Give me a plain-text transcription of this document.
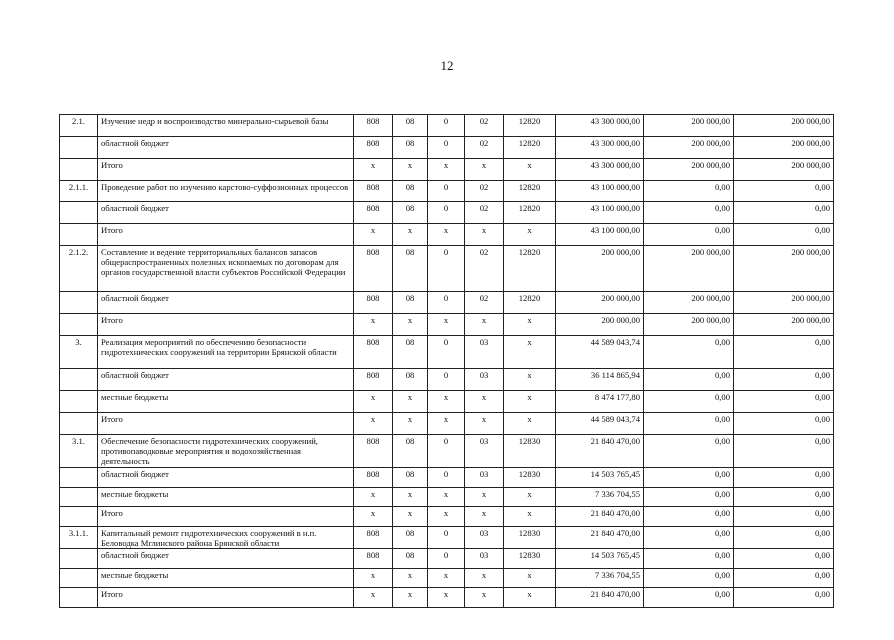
12
2.1.	Изучение недр и воспроизводство минерально-сырьевой базы	808	08	0	02	12820	43 300 000,00	200 000,00	200 000,00
	областной бюджет	808	08	0	02	12820	43 300 000,00	200 000,00	200 000,00
	Итого	х	х	х	х	х	43 300 000,00	200 000,00	200 000,00
2.1.1.	Проведение работ по изучению карстово-суффозионных процессов	808	08	0	02	12820	43 100 000,00	0,00	0,00
	областной бюджет	808	08	0	02	12820	43 100 000,00	0,00	0,00
	Итого	х	х	х	х	х	43 100 000,00	0,00	0,00
2.1.2.	Составление и ведение территориальных балансов запасов общераспространенных полезных ископаемых по договорам для органов государственной власти субъектов Российской Федерации	808	08	0	02	12820	200 000,00	200 000,00	200 000,00
	областной бюджет	808	08	0	02	12820	200 000,00	200 000,00	200 000,00
	Итого	х	х	х	х	х	200 000,00	200 000,00	200 000,00
3.	Реализация мероприятий по обеспечению безопасности гидротехнических сооружений на территории Брянской области	808	08	0	03	х	44 589 043,74	0,00	0,00
	областной бюджет	808	08	0	03	х	36 114 865,94	0,00	0,00
	местные бюджеты	х	х	х	х	х	8 474 177,80	0,00	0,00
	Итого	х	х	х	х	х	44 589 043,74	0,00	0,00
3.1.	Обеспечение безопасности гидротехнических сооружений, противопаводковые мероприятия и водохозяйственная деятельность	808	08	0	03	12830	21 840 470,00	0,00	0,00
	областной бюджет	808	08	0	03	12830	14 503 765,45	0,00	0,00
	местные бюджеты	х	х	х	х	х	7 336 704,55	0,00	0,00
	Итого	х	х	х	х	х	21 840 470,00	0,00	0,00
3.1.1.	Капитальный ремонт гидротехнических сооружений в н.п. Беловодка Мглинского района Брянской области	808	08	0	03	12830	21 840 470,00	0,00	0,00
	областной бюджет	808	08	0	03	12830	14 503 765,45	0,00	0,00
	местные бюджеты	х	х	х	х	х	7 336 704,55	0,00	0,00
	Итого	х	х	х	х	х	21 840 470,00	0,00	0,00
